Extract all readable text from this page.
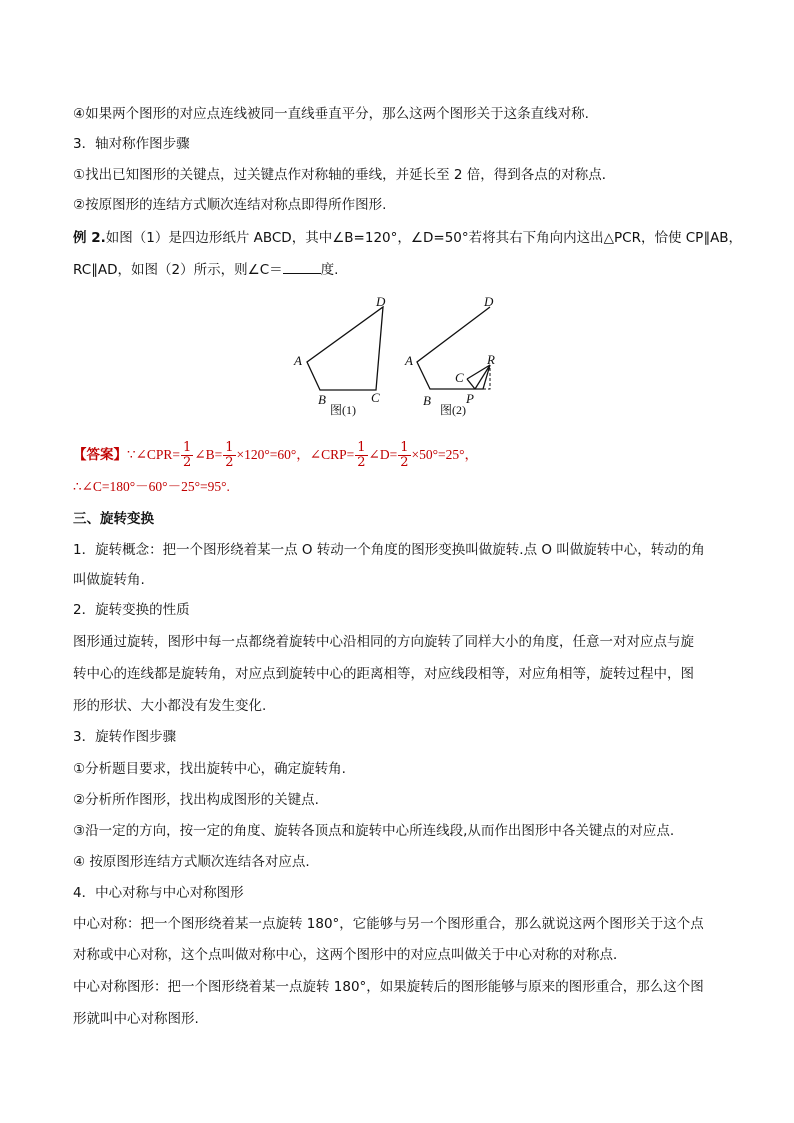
④如果两个图形的对应点连线被同一直线垂直平分，那么这两个图形关于这条直线对称.
3．轴对称作图步骤
①找出已知图形的关键点，过关键点作对称轴的垂线，并延长至 2 倍，得到各点的对称点．
②按原图形的连结方式顺次连结对称点即得所作图形.
例 2.如图（1）是四边形纸片 ABCD，其中∠B=120°，∠D=50°若将其右下角向内这出△PCR，恰使 CP∥AB，
RC∥AD，如图（2）所示，则∠C＝	度.
A
B	C
D
图(1)
A
B
C
D
P
R
图(2)
【答案】∵∠CPR= $\frac{1}{2}$ ∠B= $\frac{1}{2} \times 120^\circ=60^\circ$，∠CRP= $\frac{1}{2}$ ∠D= $\frac{1}{2} \times 50^\circ=25^\circ$，
∴∠C=180°－60°－25°=95°.
三、旋转变换
1．旋转概念：把一个图形绕着某一点 O 转动一个角度的图形变换叫做旋转.点 O 叫做旋转中心，转动的角
叫做旋转角.
2．旋转变换的性质
图形通过旋转，图形中每一点都绕着旋转中心沿相同的方向旋转了同样大小的角度，任意一对对应点与旋
转中心的连线都是旋转角，对应点到旋转中心的距离相等，对应线段相等，对应角相等，旋转过程中，图
形的形状、大小都没有发生变化.
3．旋转作图步骤
①分析题目要求，找出旋转中心，确定旋转角.
②分析所作图形，找出构成图形的关键点.
③沿一定的方向，按一定的角度、旋转各顶点和旋转中心所连线段,从而作出图形中各关键点的对应点.
④ 按原图形连结方式顺次连结各对应点.
4．中心对称与中心对称图形
中心对称：把一个图形绕着某一点旋转 180°，它能够与另一个图形重合，那么就说这两个图形关于这个点
对称或中心对称，这个点叫做对称中心，这两个图形中的对应点叫做关于中心对称的对称点．
中心对称图形：把一个图形绕着某一点旋转 180°，如果旋转后的图形能够与原来的图形重合，那么这个图
形就叫中心对称图形.
